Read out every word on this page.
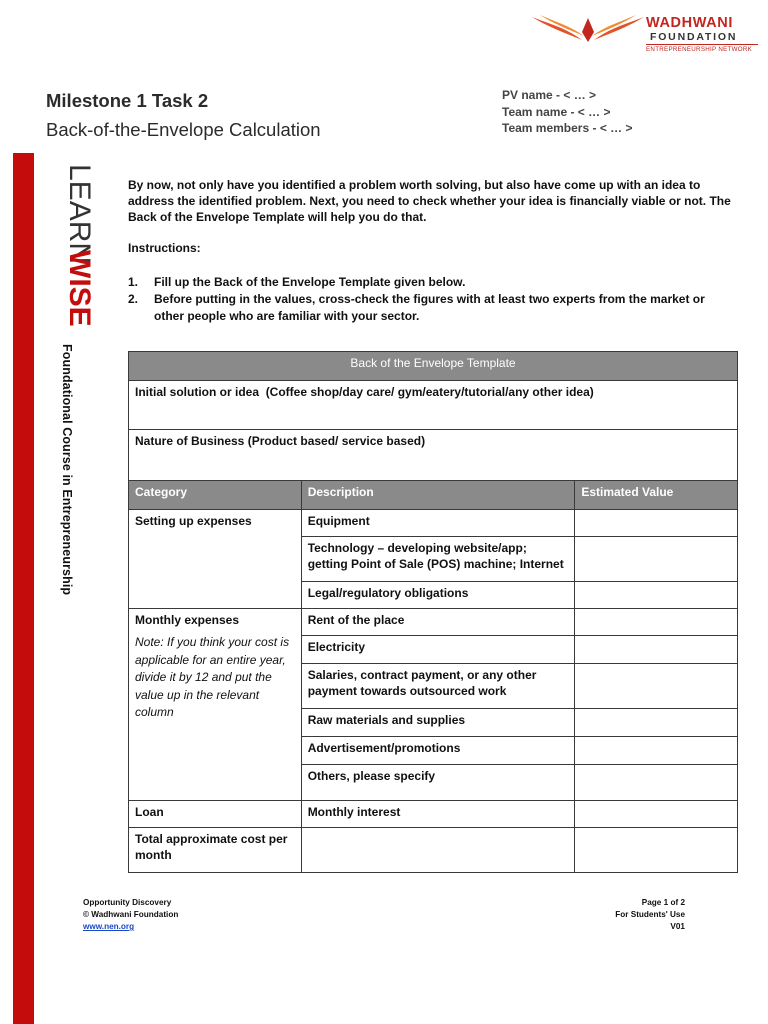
LEARN
WISE
Foundational Course in Entrepreneurship
WADHWANI
FOUNDATION
ENTREPRENEURSHIP NETWORK
Milestone 1 Task 2
Back-of-the-Envelope Calculation
PV name - < … >
Team name - < … >
Team members - < … >

By now, not only have you identified a problem worth solving, but also have come up with an idea to address the identified problem. Next, you need to check whether your idea is financially viable or not. The Back of the Envelope Template will help you do that.

Instructions:
1. Fill up the Back of the Envelope Template given below.
2. Before putting in the values, cross-check the figures with at least two experts from the market or other people who are familiar with your sector.
Back of the Envelope Template		
Initial solution or idea (Coffee shop/day care/ gym/eatery/tutorial/any other idea)		
Nature of Business (Product based/ service based)		
Category	Description	Estimated Value
Setting up expenses	Equipment	
	Technology – developing website/app; getting Point of Sale (POS) machine; Internet	
	Legal/regulatory obligations	

Monthly expenses
Note: If you think your cost is applicable for an entire year, divide it by 12 and put the value up in the relevant column	Rent of the place	
	Electricity	
	Salaries, contract payment, or any other payment towards outsourced work	
	Raw materials and supplies	
	Advertisement/promotions	
	Others, please specify	
Loan	Monthly interest	
Total approximate cost per month		
Opportunity Discovery
© Wadhwani Foundation
www.nen.org
Page 1 of 2
For Students' Use
V01
